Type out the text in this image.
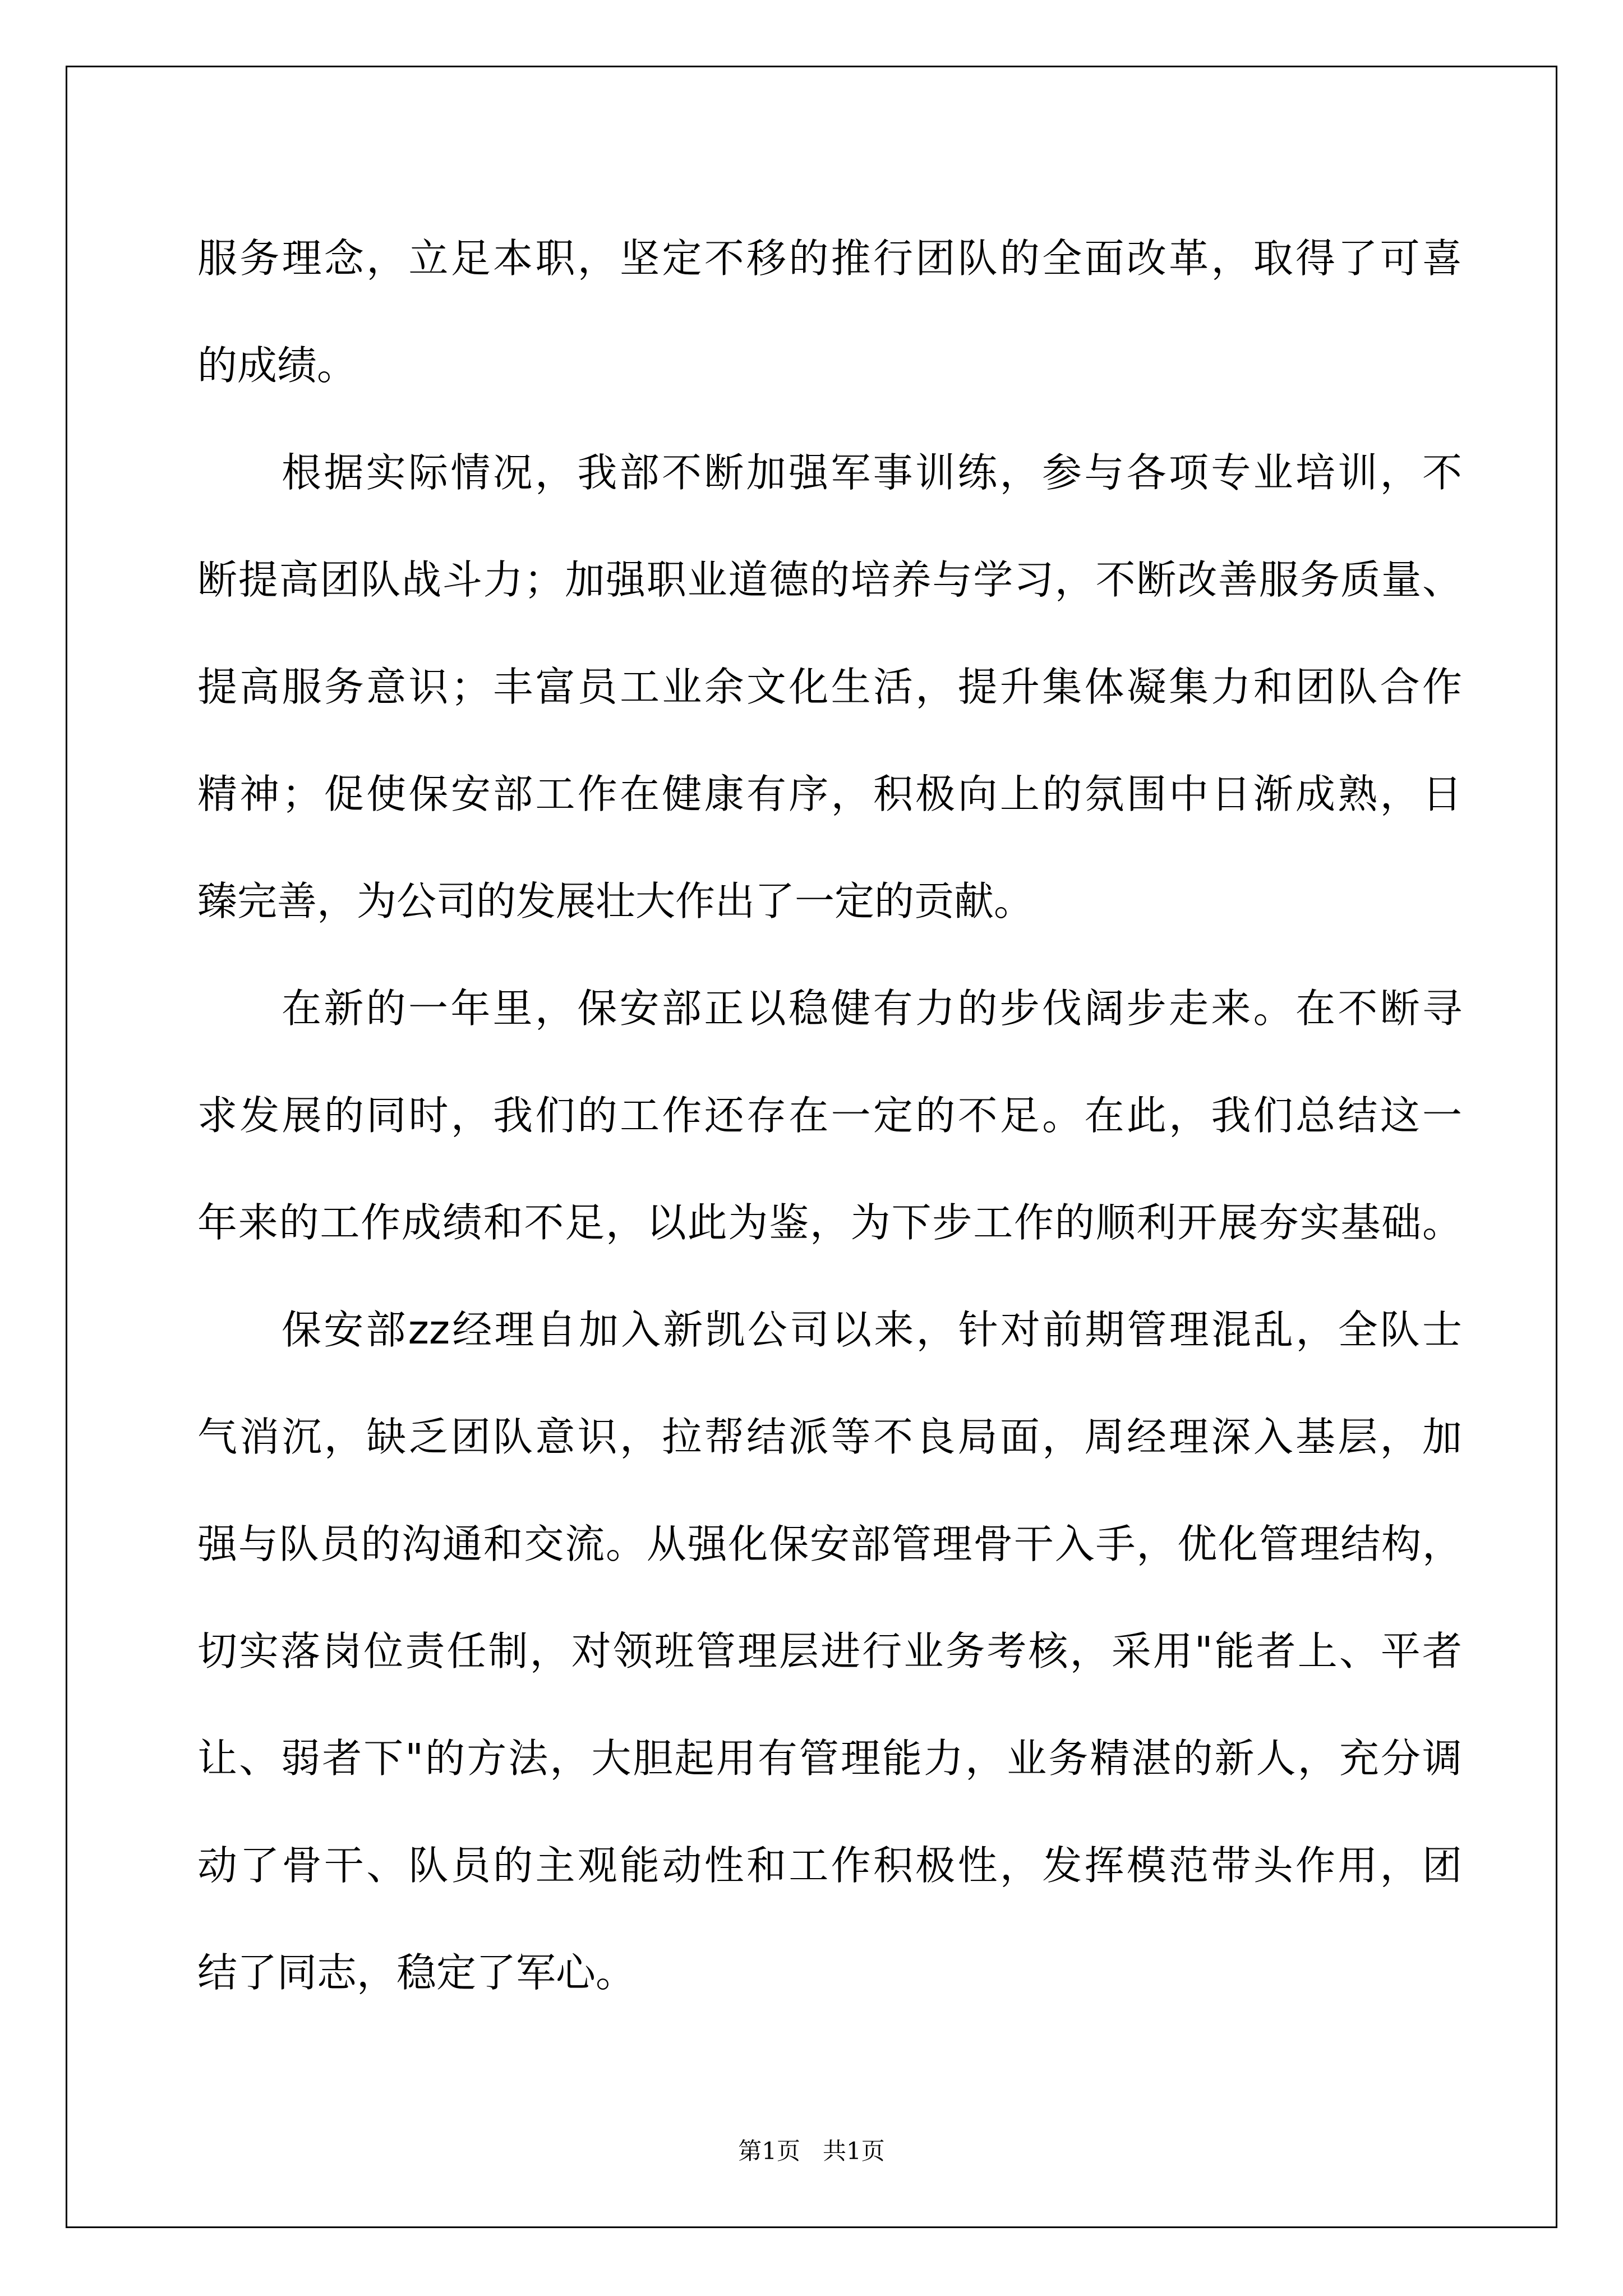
服务理念，立足本职，坚定不移的推行团队的全面改革，取得了可喜
的成绩。
根据实际情况，我部不断加强军事训练，参与各项专业培训，不
断提高团队战斗力；加强职业道德的培养与学习，不断改善服务质量、
提高服务意识；丰富员工业余文化生活，提升集体凝集力和团队合作
精神；促使保安部工作在健康有序，积极向上的氛围中日渐成熟，日
臻完善，为公司的发展壮大作出了一定的贡献。
在新的一年里，保安部正以稳健有力的步伐阔步走来。在不断寻
求发展的同时，我们的工作还存在一定的不足。在此，我们总结这一
年来的工作成绩和不足，以此为鉴，为下步工作的顺利开展夯实基础。
保安部zz经理自加入新凯公司以来，针对前期管理混乱，全队士
气消沉，缺乏团队意识，拉帮结派等不良局面，周经理深入基层，加
强与队员的沟通和交流。从强化保安部管理骨干入手，优化管理结构，
切实落岗位责任制，对领班管理层进行业务考核，采用"能者上、平者
让、弱者下"的方法，大胆起用有管理能力，业务精湛的新人，充分调
动了骨干、队员的主观能动性和工作积极性，发挥模范带头作用，团
结了同志，稳定了军心。
第1页   共1页
